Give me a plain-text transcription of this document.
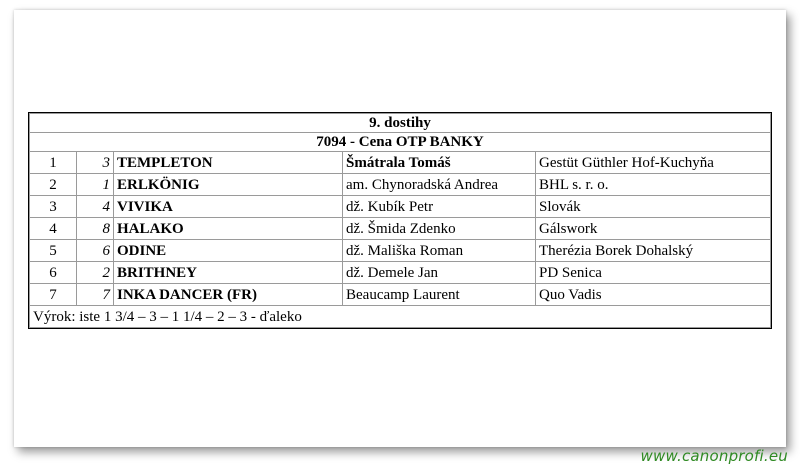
9. dostihy				
7094 - Cena OTP BANKY				
1	3	TEMPLETON	Šmátrala Tomáš	Gestüt Güthler Hof-Kuchyňa
2	1	ERLKÖNIG	am. Chynoradská Andrea	BHL s. r. o.
3	4	VIVIKA	dž. Kubík Petr	Slovák
4	8	HALAKO	dž. Šmida Zdenko	Gálswork
5	6	ODINE	dž. Mališka Roman	Therézia Borek Dohalský
6	2	BRITHNEY	dž. Demele Jan	PD Senica
7	7	INKA DANCER (FR)	Beaucamp Laurent	Quo Vadis
Výrok: iste 1 3/4 – 3 – 1 1/4 – 2 – 3 - ďaleko				
www.canonprofi.eu
